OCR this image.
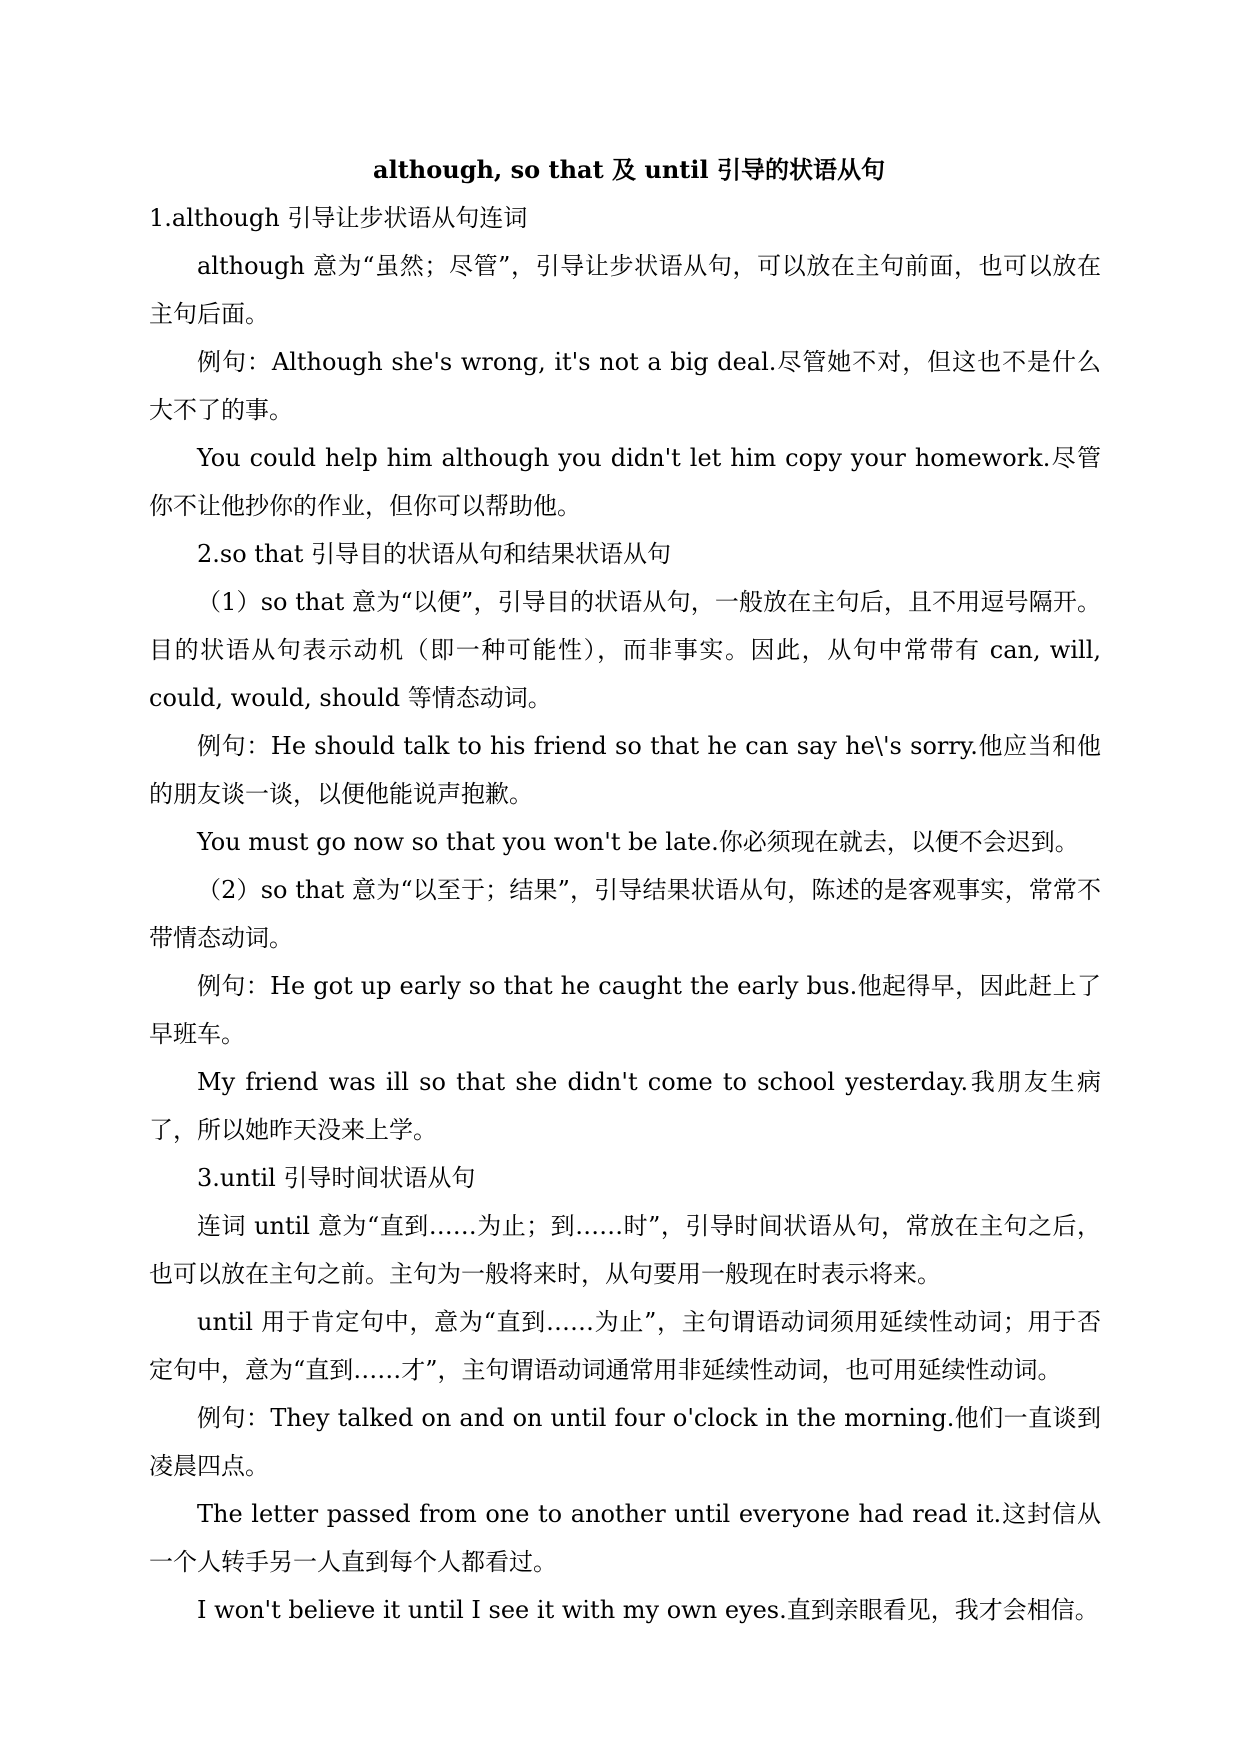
although, so that 及 until 引导的状语从句

1.although 引导让步状语从句连词

although 意为“虽然；尽管”，引导让步状语从句，可以放在主句前面，也可以放在主句后面。

例句：Although she's wrong, it's not a big deal.尽管她不对，但这也不是什么大不了的事。

You could help him although you didn't let him copy your homework.尽管你不让他抄你的作业，但你可以帮助他。

2.so that 引导目的状语从句和结果状语从句

（1）so that 意为“以便”，引导目的状语从句，一般放在主句后，且不用逗号隔开。目的状语从句表示动机（即一种可能性），而非事实。因此，从句中常带有 can, will, could, would, should 等情态动词。

例句：He should talk to his friend so that he can say he\'s sorry.他应当和他的朋友谈一谈，以便他能说声抱歉。

You must go now so that you won't be late.你必须现在就去，以便不会迟到。

（2）so that 意为“以至于；结果”，引导结果状语从句，陈述的是客观事实，常常不带情态动词。

例句：He got up early so that he caught the early bus.他起得早，因此赶上了早班车。

My friend was ill so that she didn't come to school yesterday.我朋友生病了，所以她昨天没来上学。

3.until 引导时间状语从句

连词 until 意为“直到……为止；到……时”，引导时间状语从句，常放在主句之后，也可以放在主句之前。主句为一般将来时，从句要用一般现在时表示将来。

until 用于肯定句中，意为“直到……为止”，主句谓语动词须用延续性动词；用于否定句中，意为“直到……才”，主句谓语动词通常用非延续性动词，也可用延续性动词。

例句：They talked on and on until four o'clock in the morning.他们一直谈到凌晨四点。

The letter passed from one to another until everyone had read it.这封信从一个人转手另一人直到每个人都看过。

I won't believe it until I see it with my own eyes.直到亲眼看见，我才会相信。
